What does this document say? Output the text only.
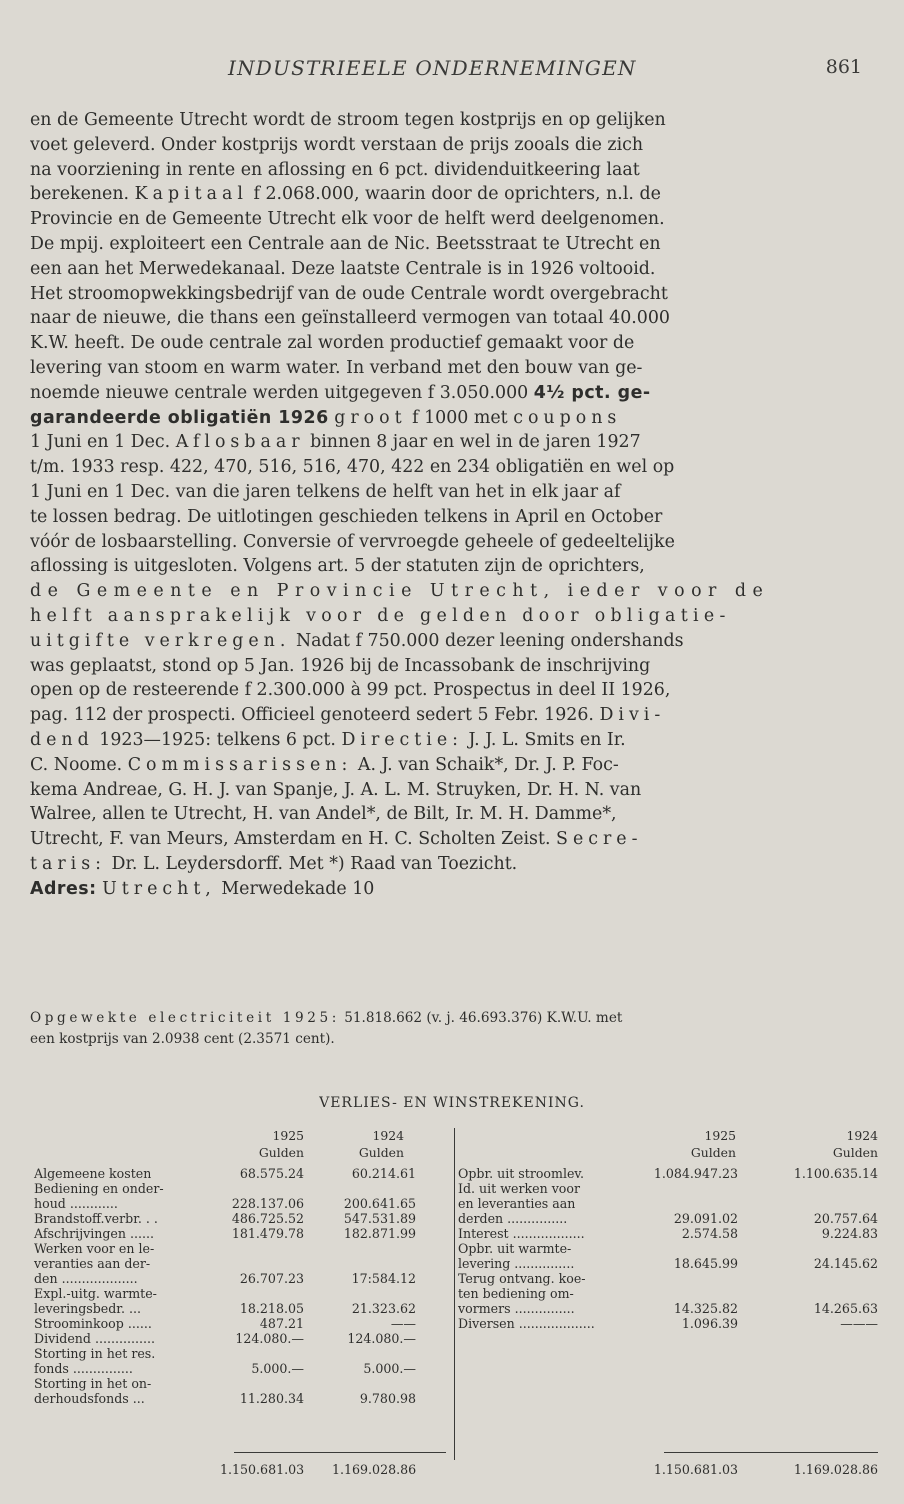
INDUSTRIEELE ONDERNEMINGEN	861
en de Gemeente Utrecht wordt de stroom tegen kostprijs en op gelijken
voet geleverd. Onder kostprijs wordt verstaan de prijs zooals die zich
na voorziening in rente en aflossing en 6 pct. dividenduitkeering laat
berekenen. Kapitaal f 2.068.000, waarin door de oprichters, n.l. de
Provincie en de Gemeente Utrecht elk voor de helft werd deelgenomen.
De mpij. exploiteert een Centrale aan de Nic. Beetsstraat te Utrecht en
een aan het Merwedekanaal. Deze laatste Centrale is in 1926 voltooid.
Het stroomopwekkingsbedrijf van de oude Centrale wordt overgebracht
naar de nieuwe, die thans een geïnstalleerd vermogen van totaal 40.000
K.W. heeft. De oude centrale zal worden productief gemaakt voor de
levering van stoom en warm water. In verband met den bouw van ge-
noemde nieuwe centrale werden uitgegeven f 3.050.000 4½ pct. ge-
garandeerde obligatiën 1926 groot f 1000 met coupons
1 Juni en 1 Dec. Aflosbaar binnen 8 jaar en wel in de jaren 1927
t/m. 1933 resp. 422, 470, 516, 516, 470, 422 en 234 obligatiën en wel op
1 Juni en 1 Dec. van die jaren telkens de helft van het in elk jaar af
te lossen bedrag. De uitlotingen geschieden telkens in April en October
vóór de losbaarstelling. Conversie of vervroegde geheele of gedeeltelijke
aflossing is uitgesloten. Volgens art. 5 der statuten zijn de oprichters,
de Gemeente en Provincie Utrecht, ieder voor de
helft aansprakelijk voor de gelden door obligatie-
uitgifte verkregen. Nadat f 750.000 dezer leening ondershands
was geplaatst, stond op 5 Jan. 1926 bij de Incassobank de inschrijving
open op de resteerende f 2.300.000 à 99 pct. Prospectus in deel II 1926,
pag. 112 der prospecti. Officieel genoteerd sedert 5 Febr. 1926. Divi-
dend 1923—1925: telkens 6 pct. Directie: J. J. L. Smits en Ir.
C. Noome. Commissarissen: A. J. van Schaik*, Dr. J. P. Foc-
kema Andreae, G. H. J. van Spanje, J. A. L. M. Struyken, Dr. H. N. van
Walree, allen te Utrecht, H. van Andel*, de Bilt, Ir. M. H. Damme*,
Utrecht, F. van Meurs, Amsterdam en H. C. Scholten Zeist. Secre-
taris: Dr. L. Leydersdorff. Met *) Raad van Toezicht.
Adres: Utrecht, Merwedekade 10
Opgewekte electriciteit 1925: 51.818.662 (v. j. 46.693.376) K.W.U. met
een kostprijs van 2.0938 cent (2.3571 cent).
VERLIES- EN WINSTREKENING.
1925	1924
Gulden	Gulden
1925	1924
Gulden	Gulden
Algemeene kosten	68.575.24	60.214.61
Bediening en onder-
houd ............	228.137.06	200.641.65
Brandstoff.verbr. . .	486.725.52	547.531.89
Afschrijvingen ......	181.479.78	182.871.99
Werken voor en le-
veranties aan der-
den ...................	26.707.23	17:584.12
Expl.-uitg. warmte-
leveringsbedr. ...	18.218.05	21.323.62
Stroominkoop ......	487.21	——
Dividend ...............	124.080.—	124.080.—
Storting in het res.
fonds ...............	5.000.—	5.000.—
Storting in het on-
derhoudsfonds ...	11.280.34	9.780.98
Opbr. uit stroomlev.	1.084.947.23	1.100.635.14
Id. uit werken voor
en leveranties aan
derden ...............	29.091.02	20.757.64
Interest ..................	2.574.58	9.224.83
Opbr. uit warmte-
levering ...............	18.645.99	24.145.62
Terug ontvang. koe-
ten bediening om-
vormers ...............	14.325.82	14.265.63
Diversen ...................	1.096.39	———
1.150.681.03 1.169.028.86	1.150.681.03	1.169.028.86
